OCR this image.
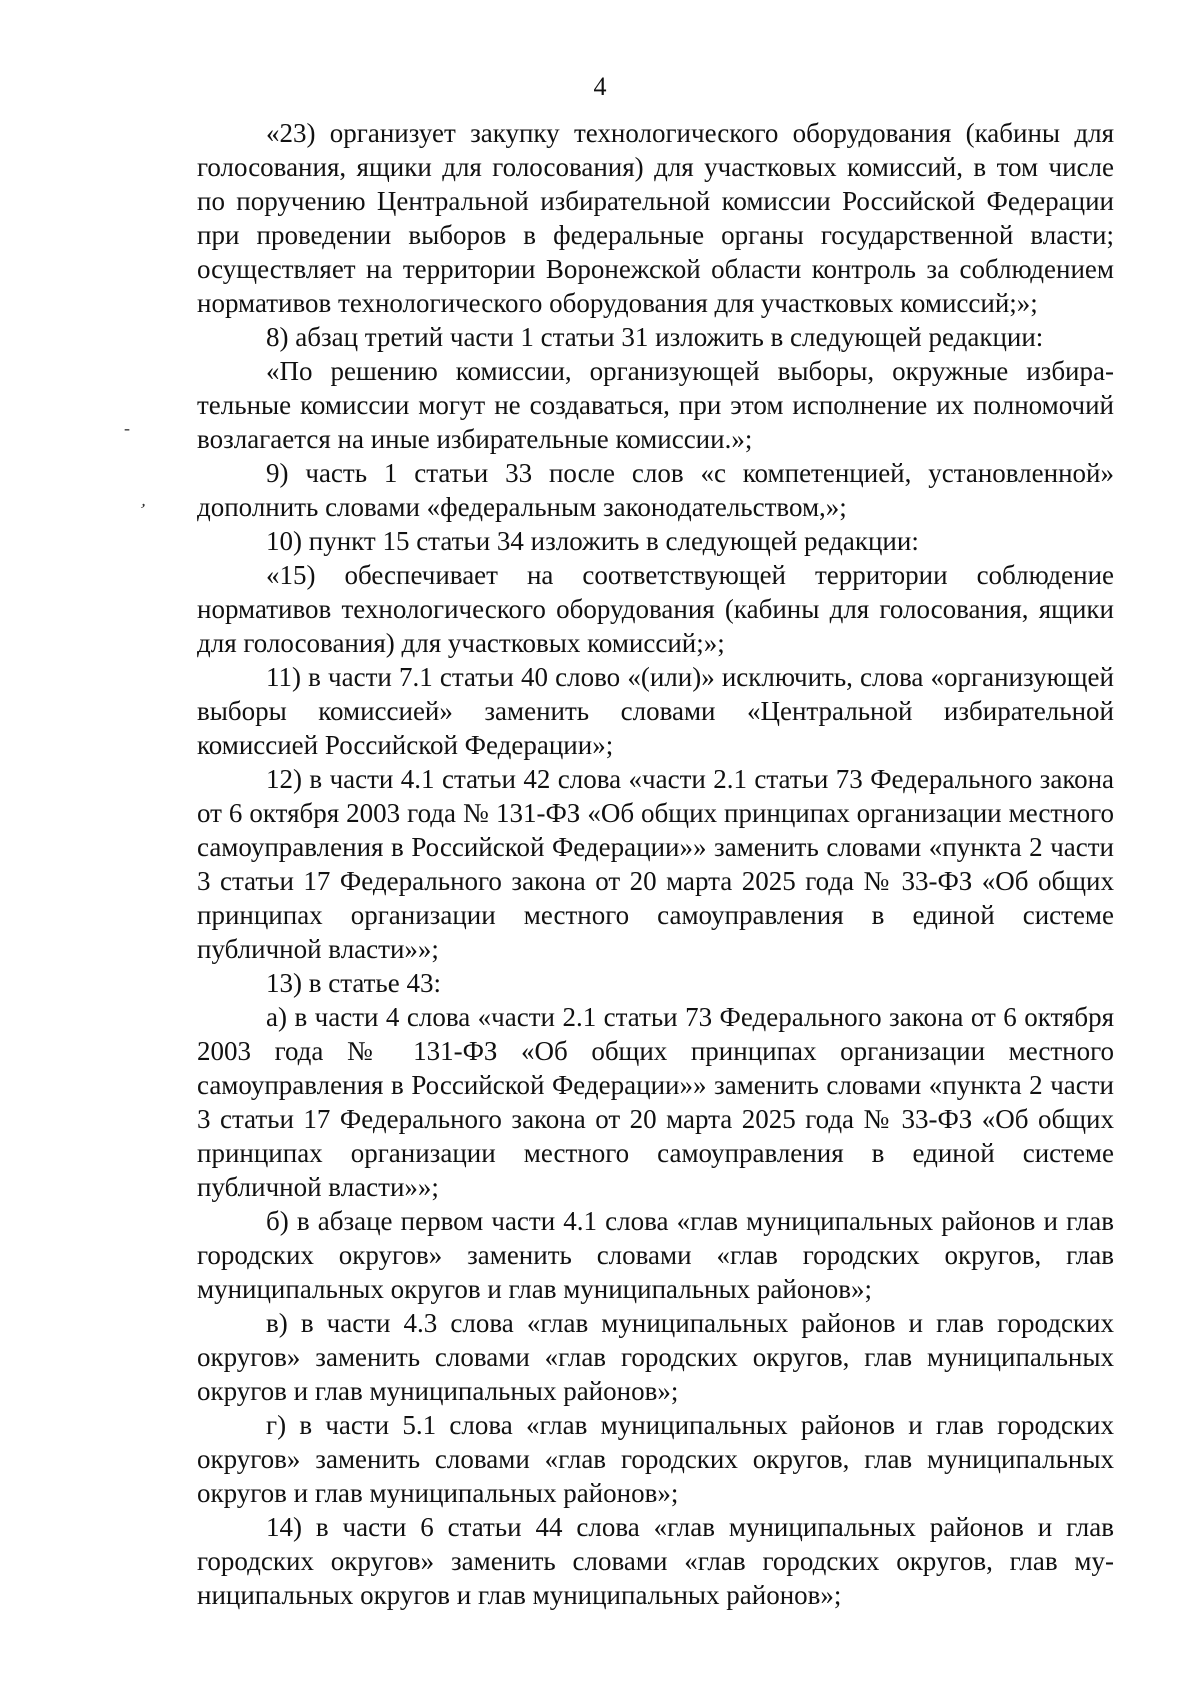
4

-
,

«23) организует закупку технологического оборудования (кабины для голосования, ящики для голосования) для участковых комиссий, в том числе по поручению Центральной избирательной комиссии Российской Федерации при проведении выборов в федеральные органы государственной власти; осуществляет на территории Воронежской области контроль за соблюдением нормативов технологического оборудования для участковых комиссий;»;

8) абзац третий части 1 статьи 31 изложить в следующей редакции:

«По решению комиссии, организующей выборы, окружные избирательные комиссии могут не создаваться, при этом исполнение их полномочий возлагается на иные избирательные комиссии.»;

9) часть 1 статьи 33 после слов «с компетенцией, установленной» дополнить словами «федеральным законодательством,»;

10) пункт 15 статьи 34 изложить в следующей редакции:

«15) обеспечивает на соответствующей территории соблюдение нормативов технологического оборудования (кабины для голосования, ящики для голосования) для участковых комиссий;»;

11) в части 7.1 статьи 40 слово «(или)» исключить, слова «организующей выборы комиссией» заменить словами «Центральной избирательной комиссией Российской Федерации»;

12) в части 4.1 статьи 42 слова «части 2.1 статьи 73 Федерального закона от 6 октября 2003 года № 131-ФЗ «Об общих принципах организации местного самоуправления в Российской Федерации»» заменить словами «пункта 2 части 3 статьи 17 Федерального закона от 20 марта 2025 года № 33-ФЗ «Об общих принципах организации местного самоуправления в единой системе публичной власти»»;

13) в статье 43:

а) в части 4 слова «части 2.1 статьи 73 Федерального закона от 6 октября 2003 года № 131-ФЗ «Об общих принципах организации местного самоуправления в Российской Федерации»» заменить словами «пункта 2 части 3 статьи 17 Федерального закона от 20 марта 2025 года № 33-ФЗ «Об общих принципах организации местного самоуправления в единой системе публичной власти»»;

б) в абзаце первом части 4.1 слова «глав муниципальных районов и глав городских округов» заменить словами «глав городских округов, глав муниципальных округов и глав муниципальных районов»;

в) в части 4.3 слова «глав муниципальных районов и глав городских округов» заменить словами «глав городских округов, глав муниципальных округов и глав муниципальных районов»;

г) в части 5.1 слова «глав муниципальных районов и глав городских округов» заменить словами «глав городских округов, глав муниципальных округов и глав муниципальных районов»;

14) в части 6 статьи 44 слова «глав муниципальных районов и глав городских округов» заменить словами «глав городских округов, глав муниципальных округов и глав муниципальных районов»;
